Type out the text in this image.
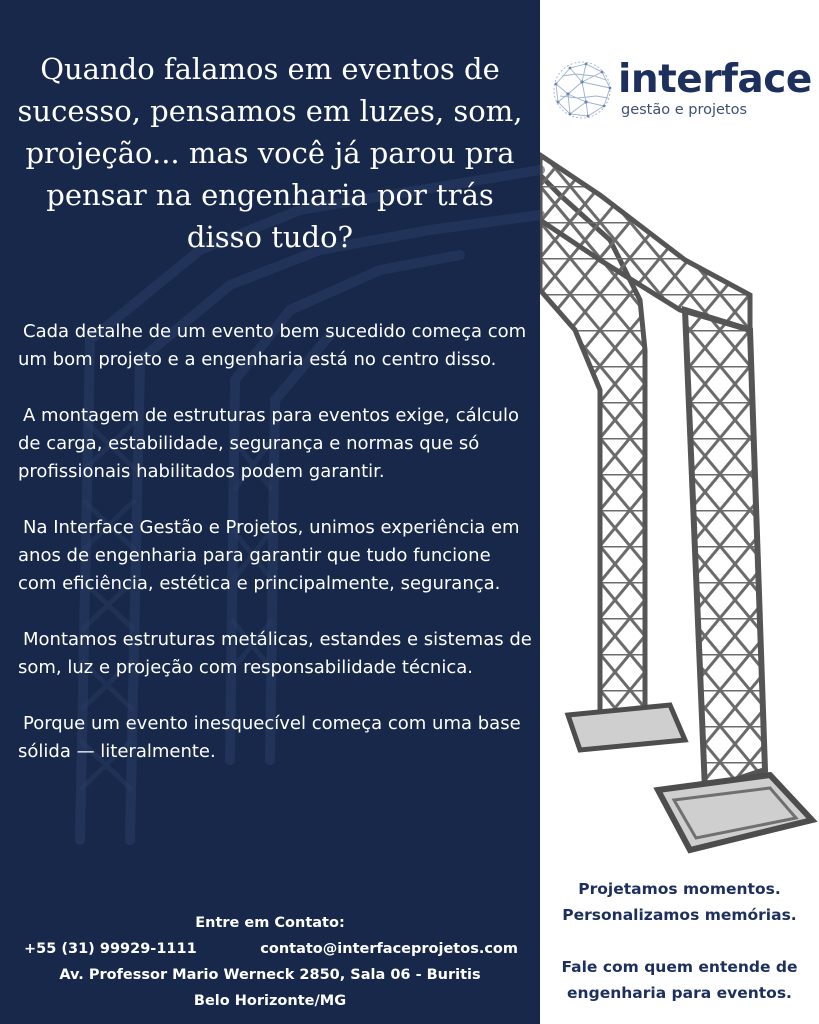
Quando falamos em eventos de sucesso, pensamos em luzes, som, projeção... mas você já parou pra pensar na engenharia por trás disso tudo?

Cada detalhe de um evento bem sucedido começa com um bom projeto e a engenharia está no centro disso.

A montagem de estruturas para eventos exige, cálculo de carga, estabilidade, segurança e normas que só profissionais habilitados podem garantir.

Na Interface Gestão e Projetos, unimos experiência em anos de engenharia para garantir que tudo funcione com eficiência, estética e principalmente, segurança.

Montamos estruturas metálicas, estandes e sistemas de som, luz e projeção com responsabilidade técnica.

Porque um evento inesquecível começa com uma base sólida — literalmente.

Entre em Contato:
+55 (31) 99929-1111	contato@interfaceprojetos.com
Av. Professor Mario Werneck 2850, Sala 06 - Buritis
Belo Horizonte/MG
interface
gestão e projetos
Projetamos momentos.
Personalizamos memórias.
Fale com quem entende de
engenharia para eventos.
